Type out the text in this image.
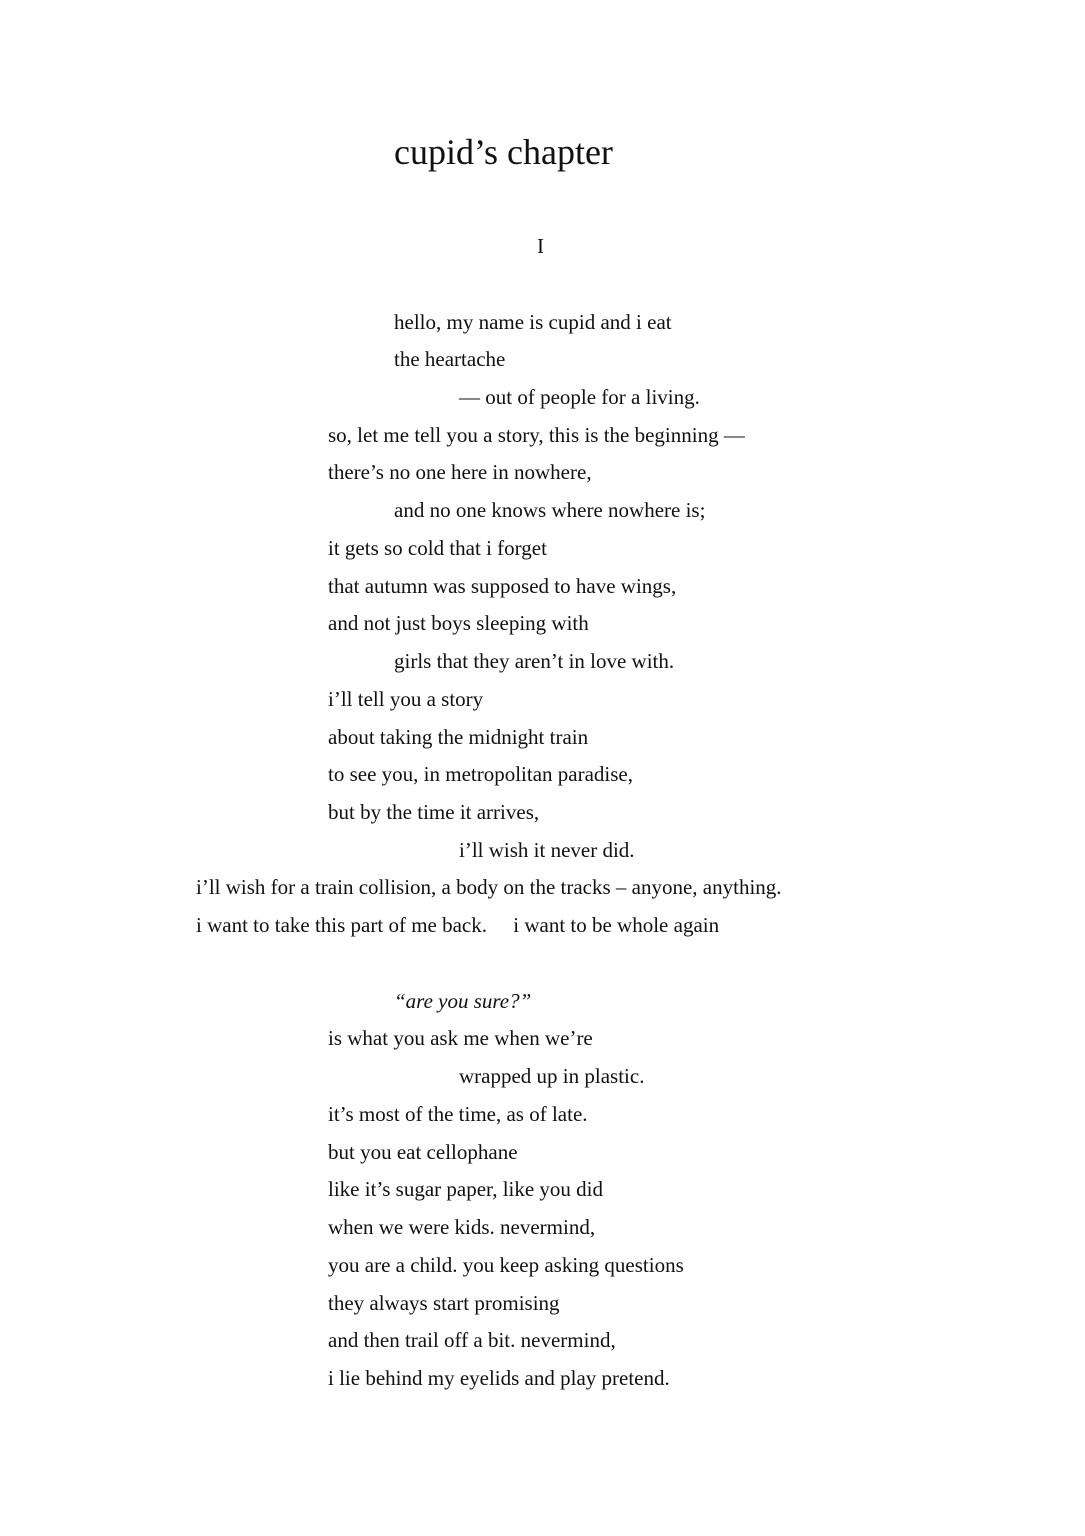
cupid’s chapter
I
hello, my name is cupid and i eat
the heartache
— out of people for a living.
so, let me tell you a story, this is the beginning —
there’s no one here in nowhere,
and no one knows where nowhere is;
it gets so cold that i forget
that autumn was supposed to have wings,
and not just boys sleeping with
girls that they aren’t in love with.
i’ll tell you a story
about taking the midnight train
to see you, in metropolitan paradise,
but by the time it arrives,
i’ll wish it never did.
i’ll wish for a train collision, a body on the tracks – anyone, anything.
i want to take this part of me back.     i want to be whole again
“are you sure?”
is what you ask me when we’re
wrapped up in plastic.
it’s most of the time, as of late.
but you eat cellophane
like it’s sugar paper, like you did
when we were kids. nevermind,
you are a child. you keep asking questions
they always start promising
and then trail off a bit. nevermind,
i lie behind my eyelids and play pretend.
